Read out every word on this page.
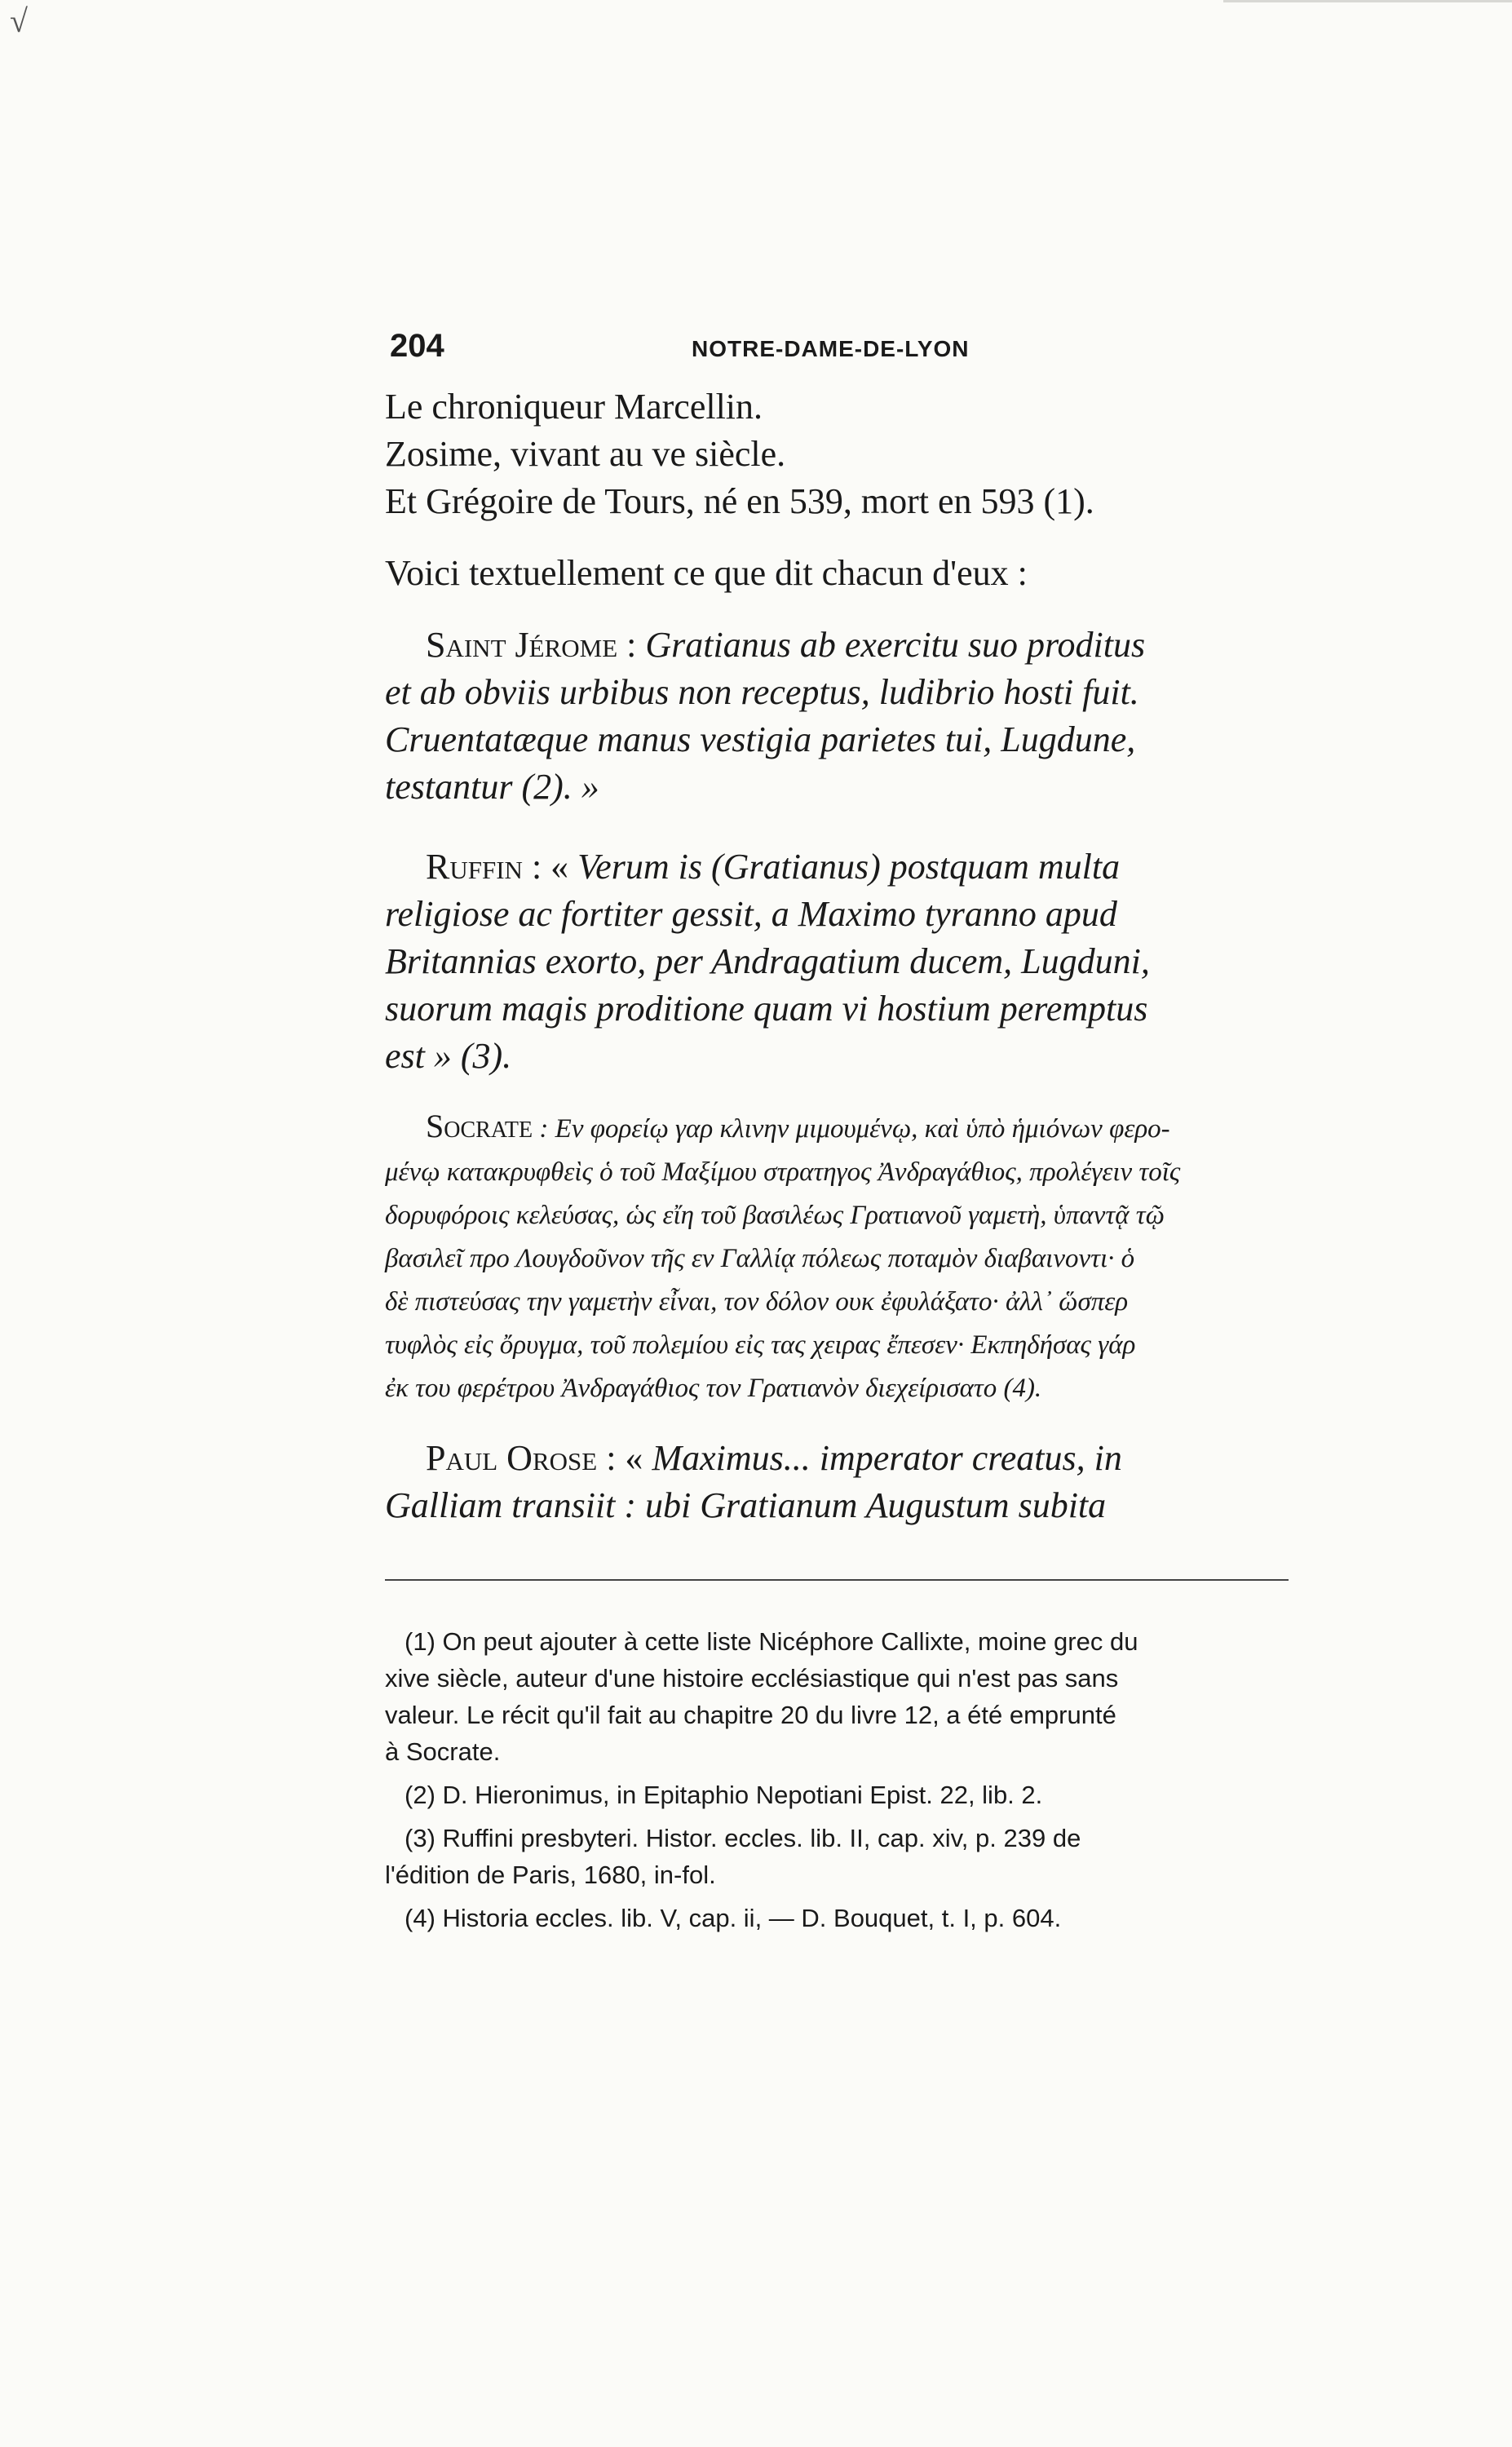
√
204	NOTRE-DAME-DE-LYON
Le chroniqueur Marcellin.
Zosime, vivant au ve siècle.
Et Grégoire de Tours, né en 539, mort en 593 (1).
Voici textuellement ce que dit chacun d'eux :
Saint Jérome : Gratianus ab exercitu suo proditus
et ab obviis urbibus non receptus, ludibrio hosti fuit.
Cruentatæque manus vestigia parietes tui, Lugdune,
testantur (2). »
Ruffin : « Verum is (Gratianus) postquam multa
religiose ac fortiter gessit, a Maximo tyranno apud
Britannias exorto, per Andragatium ducem, Lugduni,
suorum magis proditione quam vi hostium peremptus
est » (3).
Socrate : Εν φορείῳ γαρ κλινην μιμουμένῳ, καὶ ὑπὸ ἡμιόνων φερο-
μένῳ κατακρυφθεὶς ὁ τοῦ Μαξίμου στρατηγος Ἀνδραγάθιος, προλέγειν τοῖς
δορυφόροις κελεύσας, ὡς εἴη τοῦ βασιλέως Γρατιανοῦ γαμετὴ, ὑπαντᾷ τῷ
βασιλεῖ προ Λουγδοῦνον τῆς εν Γαλλίᾳ πόλεως ποταμὸν διαβαινοντι· ὁ
δὲ πιστεύσας την γαμετὴν εἶναι, τον δόλον ουκ ἐφυλάξατο· ἀλλ᾽ ὥσπερ
τυφλὸς εἰς ὄρυγμα, τοῦ πολεμίου εἰς τας χειρας ἔπεσεν· Εκπηδήσας γάρ
ἐκ του φερέτρου Ἀνδραγάθιος τον Γρατιανὸν διεχείρισατο (4).
Paul Orose : « Maximus... imperator creatus, in
Galliam transiit : ubi Gratianum Augustum subita
(1) On peut ajouter à cette liste Nicéphore Callixte, moine grec du
xive siècle, auteur d'une histoire ecclésiastique qui n'est pas sans
valeur. Le récit qu'il fait au chapitre 20 du livre 12, a été emprunté
à Socrate.
(2) D. Hieronimus, in Epitaphio Nepotiani Epist. 22, lib. 2.
(3) Ruffini presbyteri. Histor. eccles. lib. II, cap. xiv, p. 239 de
l'édition de Paris, 1680, in-fol.
(4) Historia eccles. lib. V, cap. ii, — D. Bouquet, t. I, p. 604.
